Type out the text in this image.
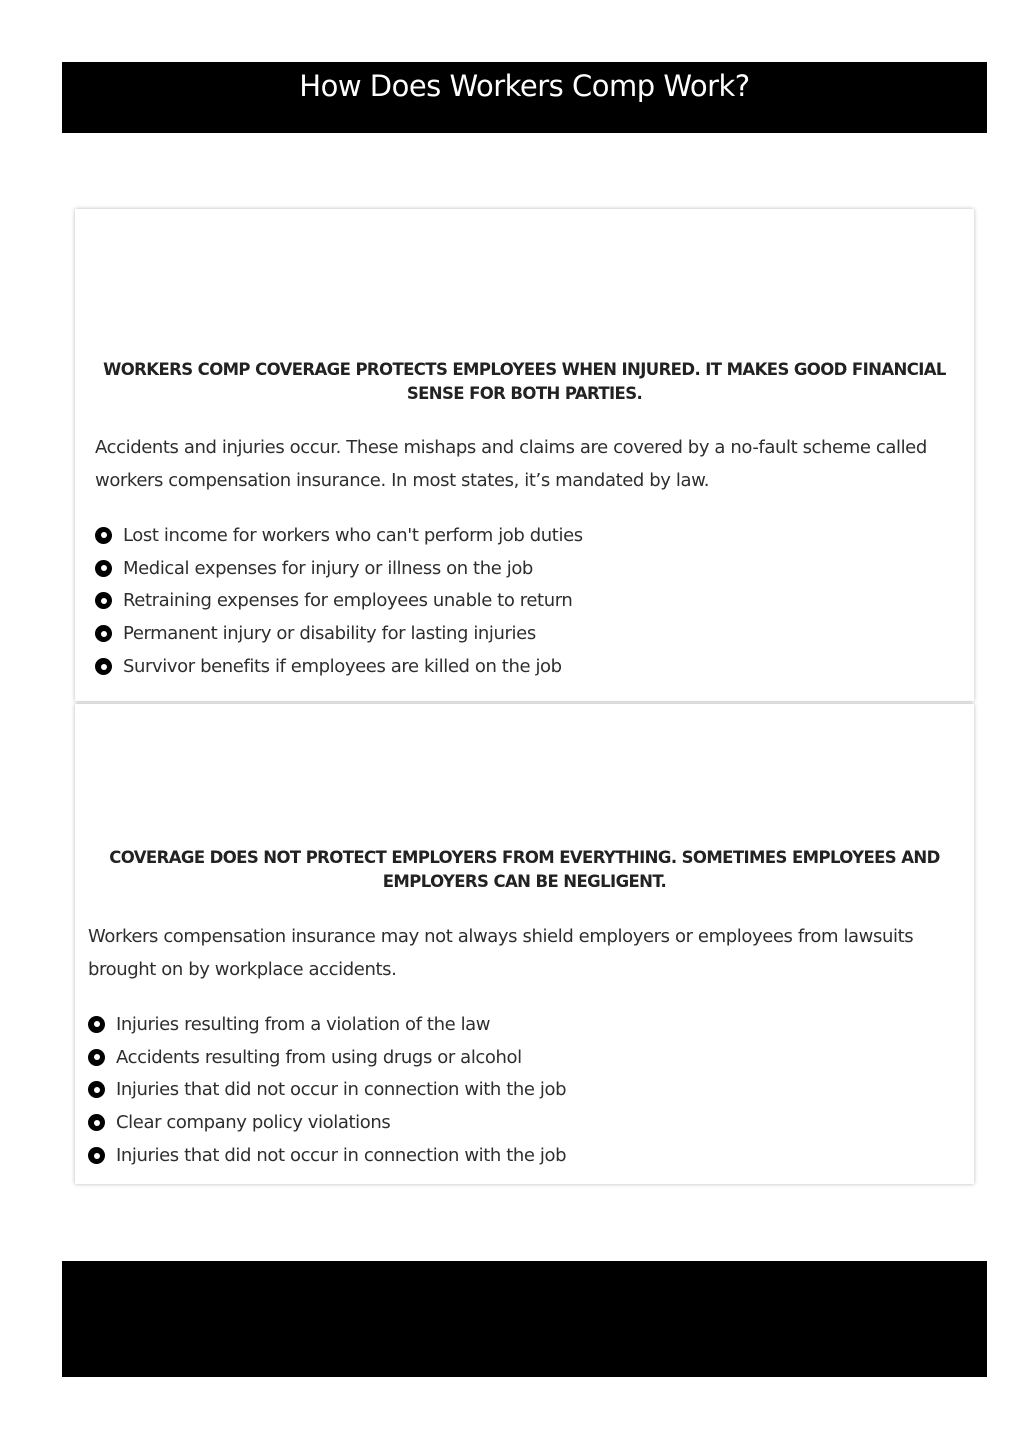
How Does Workers Comp Work?
WORKERS COMP COVERAGE PROTECTS EMPLOYEES WHEN INJURED. IT MAKES GOOD FINANCIAL SENSE FOR BOTH PARTIES.

Accidents and injuries occur. These mishaps and claims are covered by a no-fault scheme called workers compensation insurance. In most states, it’s mandated by law.

Lost income for workers who can't perform job duties
Medical expenses for injury or illness on the job
Retraining expenses for employees unable to return
Permanent injury or disability for lasting injuries
Survivor benefits if employees are killed on the job
COVERAGE DOES NOT PROTECT EMPLOYERS FROM EVERYTHING. SOMETIMES EMPLOYEES AND EMPLOYERS CAN BE NEGLIGENT.

Workers compensation insurance may not always shield employers or employees from lawsuits brought on by workplace accidents.

Injuries resulting from a violation of the law
Accidents resulting from using drugs or alcohol
Injuries that did not occur in connection with the job
Clear company policy violations
Injuries that did not occur in connection with the job
